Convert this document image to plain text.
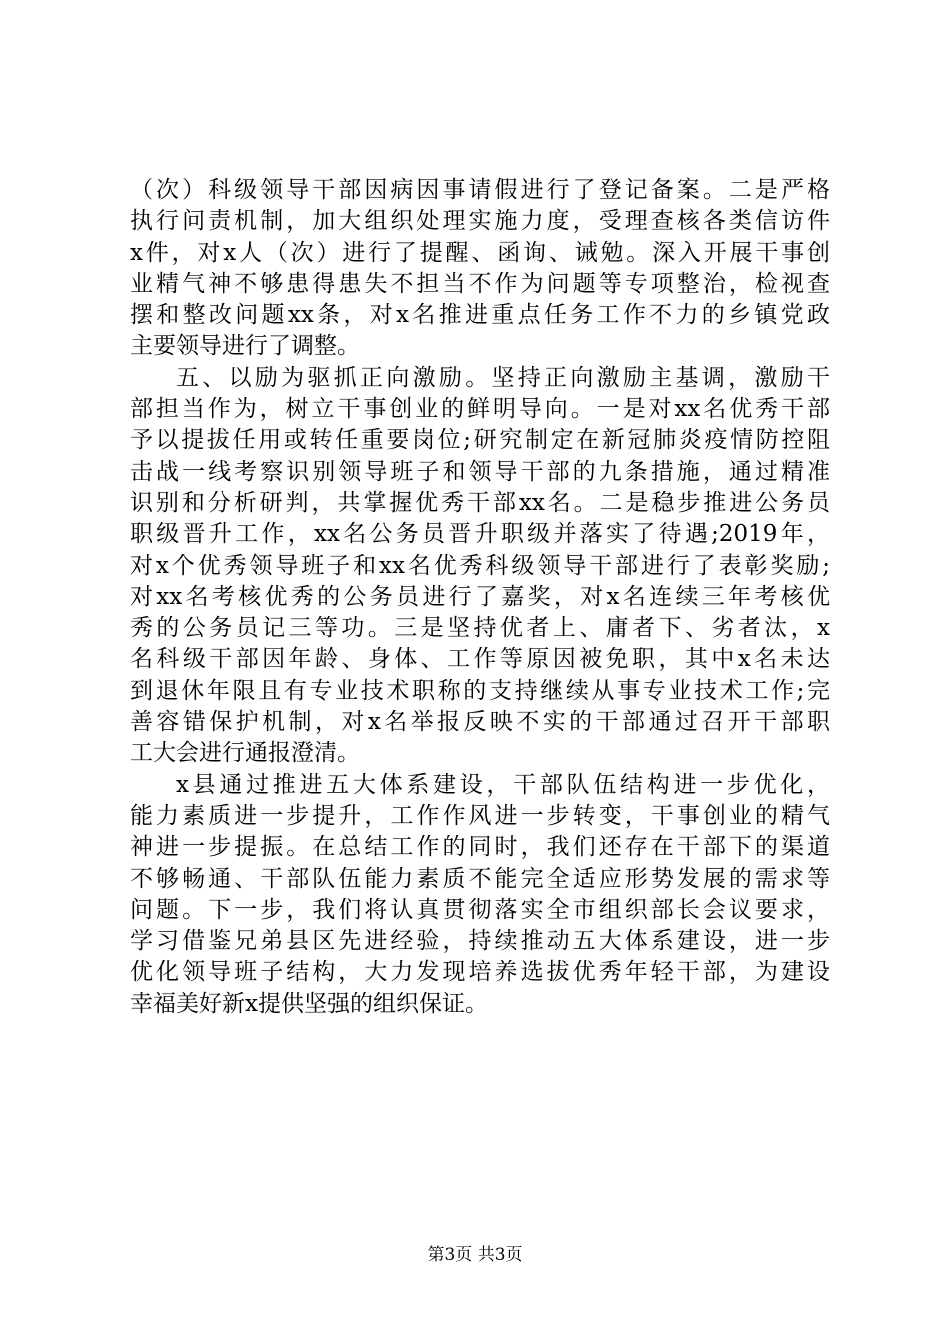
（次）科级领导干部因病因事请假进行了登记备案。二是严格
执行问责机制，加大组织处理实施力度，受理查核各类信访件
x件，对x人（次）进行了提醒、函询、诫勉。深入开展干事创
业精气神不够患得患失不担当不作为问题等专项整治，检视查
摆和整改问题xx条，对x名推进重点任务工作不力的乡镇党政
主要领导进行了调整。
五、以励为驱抓正向激励。坚持正向激励主基调，激励干
部担当作为，树立干事创业的鲜明导向。一是对xx名优秀干部
予以提拔任用或转任重要岗位;研究制定在新冠肺炎疫情防控阻
击战一线考察识别领导班子和领导干部的九条措施，通过精准
识别和分析研判，共掌握优秀干部xx名。二是稳步推进公务员
职级晋升工作，xx名公务员晋升职级并落实了待遇;2019年，
对x个优秀领导班子和xx名优秀科级领导干部进行了表彰奖励;
对xx名考核优秀的公务员进行了嘉奖，对x名连续三年考核优
秀的公务员记三等功。三是坚持优者上、庸者下、劣者汰，x
名科级干部因年龄、身体、工作等原因被免职，其中x名未达
到退休年限且有专业技术职称的支持继续从事专业技术工作;完
善容错保护机制，对x名举报反映不实的干部通过召开干部职
工大会进行通报澄清。
x县通过推进五大体系建设，干部队伍结构进一步优化，
能力素质进一步提升，工作作风进一步转变，干事创业的精气
神进一步提振。在总结工作的同时，我们还存在干部下的渠道
不够畅通、干部队伍能力素质不能完全适应形势发展的需求等
问题。下一步，我们将认真贯彻落实全市组织部长会议要求，
学习借鉴兄弟县区先进经验，持续推动五大体系建设，进一步
优化领导班子结构，大力发现培养选拔优秀年轻干部，为建设
幸福美好新x提供坚强的组织保证。
第3页 共3页
